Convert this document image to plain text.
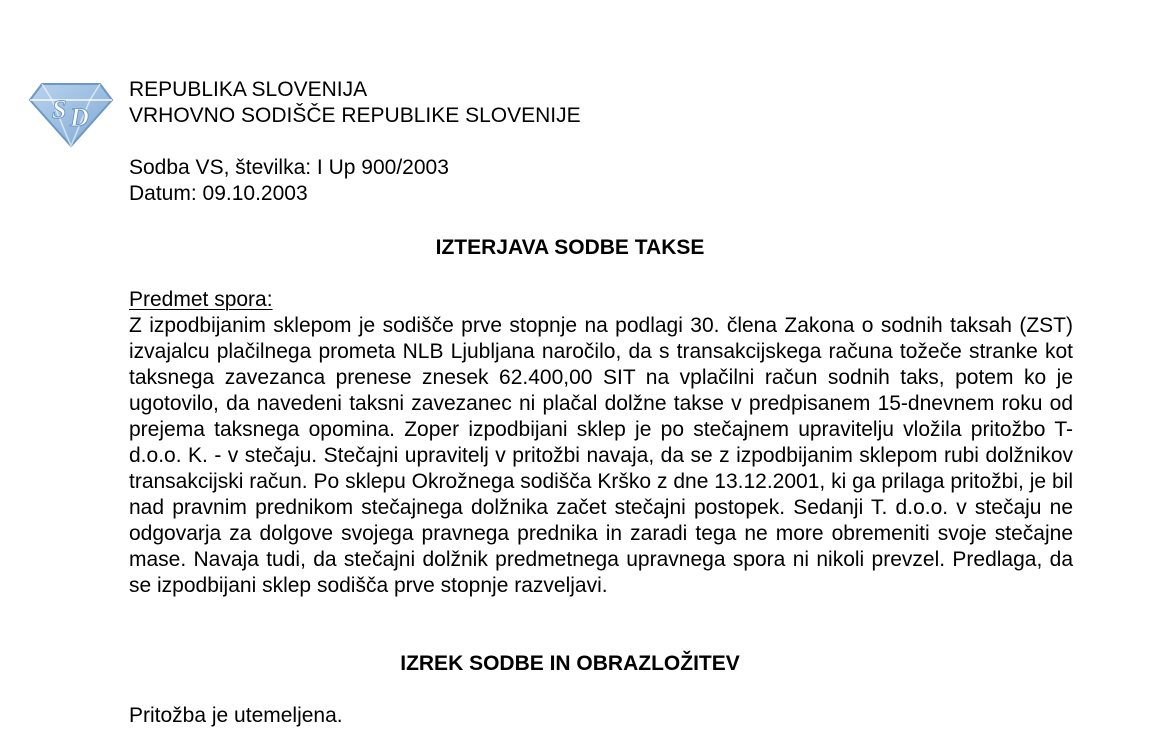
S D

REPUBLIKA SLOVENIJA

VRHOVNO SODIŠČE REPUBLIKE SLOVENIJE

Sodba VS, številka: I Up 900/2003

Datum: 09.10.2003

IZTERJAVA SODBE TAKSE

Predmet spora:

Z izpodbijanim sklepom je sodišče prve stopnje na podlagi 30. člena Zakona o sodnih taksah (ZST) izvajalcu plačilnega prometa NLB Ljubljana naročilo, da s transakcijskega računa tožeče stranke kot taksnega zavezanca prenese znesek 62.400,00 SIT na vplačilni račun sodnih taks, potem ko je ugotovilo, da navedeni taksni zavezanec ni plačal dolžne takse v predpisanem 15-dnevnem roku od prejema taksnega opomina. Zoper izpodbijani sklep je po stečajnem upravitelju vložila pritožbo T- d.o.o. K. - v stečaju. Stečajni upravitelj v pritožbi navaja, da se z izpodbijanim sklepom rubi dolžnikov transakcijski račun. Po sklepu Okrožnega sodišča Krško z dne 13.12.2001, ki ga prilaga pritožbi, je bil nad pravnim prednikom stečajnega dolžnika začet stečajni postopek. Sedanji T. d.o.o. v stečaju ne odgovarja za dolgove svojega pravnega prednika in zaradi tega ne more obremeniti svoje stečajne mase. Navaja tudi, da stečajni dolžnik predmetnega upravnega spora ni nikoli prevzel. Predlaga, da se izpodbijani sklep sodišča prve stopnje razveljavi.

IZREK SODBE IN OBRAZLOŽITEV

Pritožba je utemeljena.
